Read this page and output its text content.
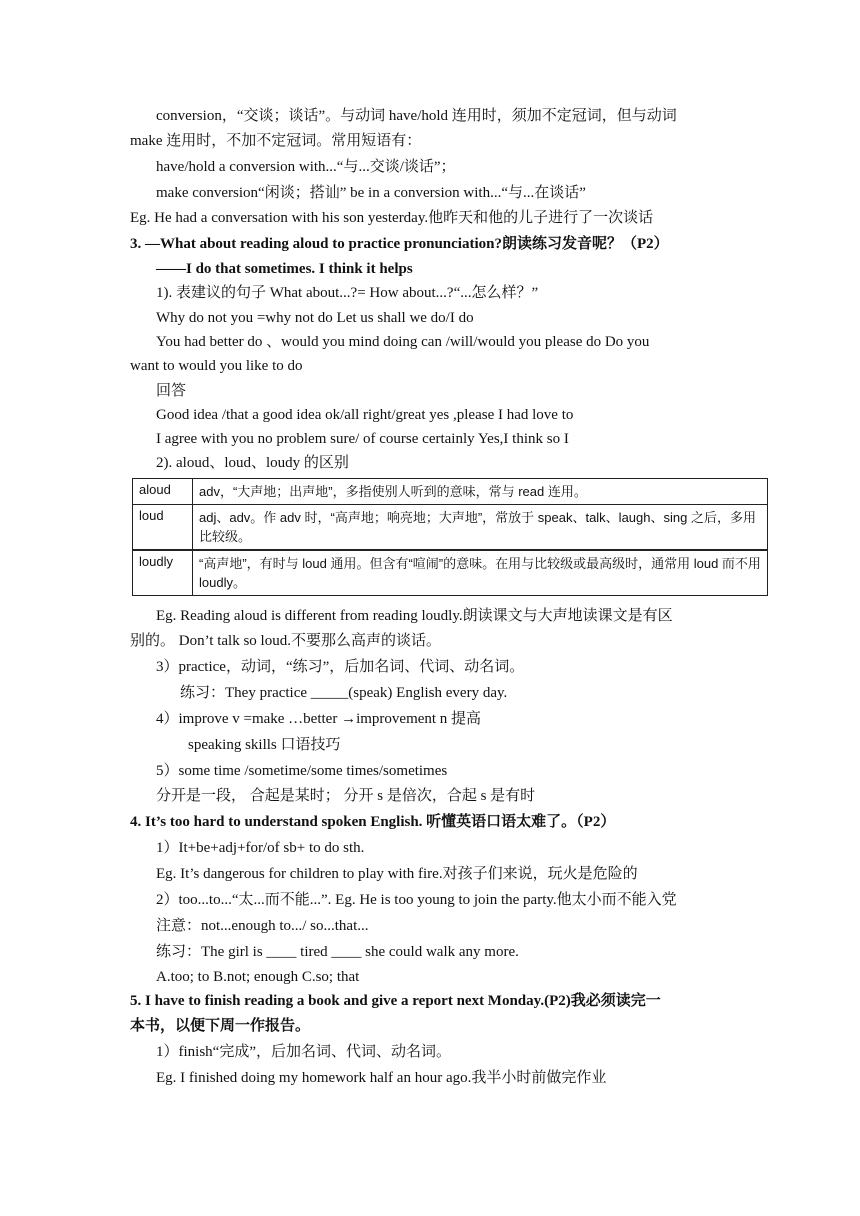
conversion，“交谈；谈话”。与动词 have/hold 连用时，须加不定冠词，但与动词
make 连用时，不加不定冠词。常用短语有：
have/hold a conversion with...“与...交谈/谈话”；
make conversion“闲谈；搭讪” be in a conversion with...“与...在谈话”
Eg. He had a conversation with his son yesterday.他昨天和他的儿子进行了一次谈话
3. —What about reading aloud to practice pronunciation?朗读练习发音呢？（P2）
——I do that sometimes. I think it helps
1). 表建议的句子 What about...?= How about...?“...怎么样？”
Why do not you =why not do Let us shall we do/I do
You had better do 、would you mind doing can /will/would you please do Do you
want to would you like to do
回答
Good idea /that a good idea ok/all right/great yes ,please I had love to
I agree with you no problem sure/ of course certainly Yes,I think so I
2). aloud、loud、loudy 的区别
aloud	adv，“大声地；出声地”，多指使别人听到的意味，常与 read 连用。
loud	adj、adv。作 adv 时，“高声地；响亮地；大声地”，常放于 speak、talk、laugh、sing 之后，多用比较级。
loudly	“高声地”，有时与 loud 通用。但含有“喧闹”的意味。在用与比较级或最高级时，通常用 loud 而不用 loudly。
Eg. Reading aloud is different from reading loudly.朗读课文与大声地读课文是有区
别的。 Don’t talk so loud.不要那么高声的谈话。
3）practice，动词，“练习”，后加名词、代词、动名词。
练习：They practice _____(speak) English every day.
4）improve v =make …better →improvement n 提高
speaking skills 口语技巧
5）some time /sometime/some times/sometimes
分开是一段， 合起是某时； 分开 s 是倍次，合起 s 是有时
4. It’s too hard to understand spoken English. 听懂英语口语太难了。（P2）
1）It+be+adj+for/of sb+ to do sth.
Eg. It’s dangerous for children to play with fire.对孩子们来说，玩火是危险的
2）too...to...“太...而不能...”. Eg. He is too young to join the party.他太小而不能入党
注意：not...enough to.../ so...that...
练习：The girl is ____ tired ____ she could walk any more.
A.too; to B.not; enough C.so; that
5. I have to finish reading a book and give a report next Monday.(P2)我必须读完一
本书，以便下周一作报告。
1）finish“完成”，后加名词、代词、动名词。
Eg. I finished doing my homework half an hour ago.我半小时前做完作业
